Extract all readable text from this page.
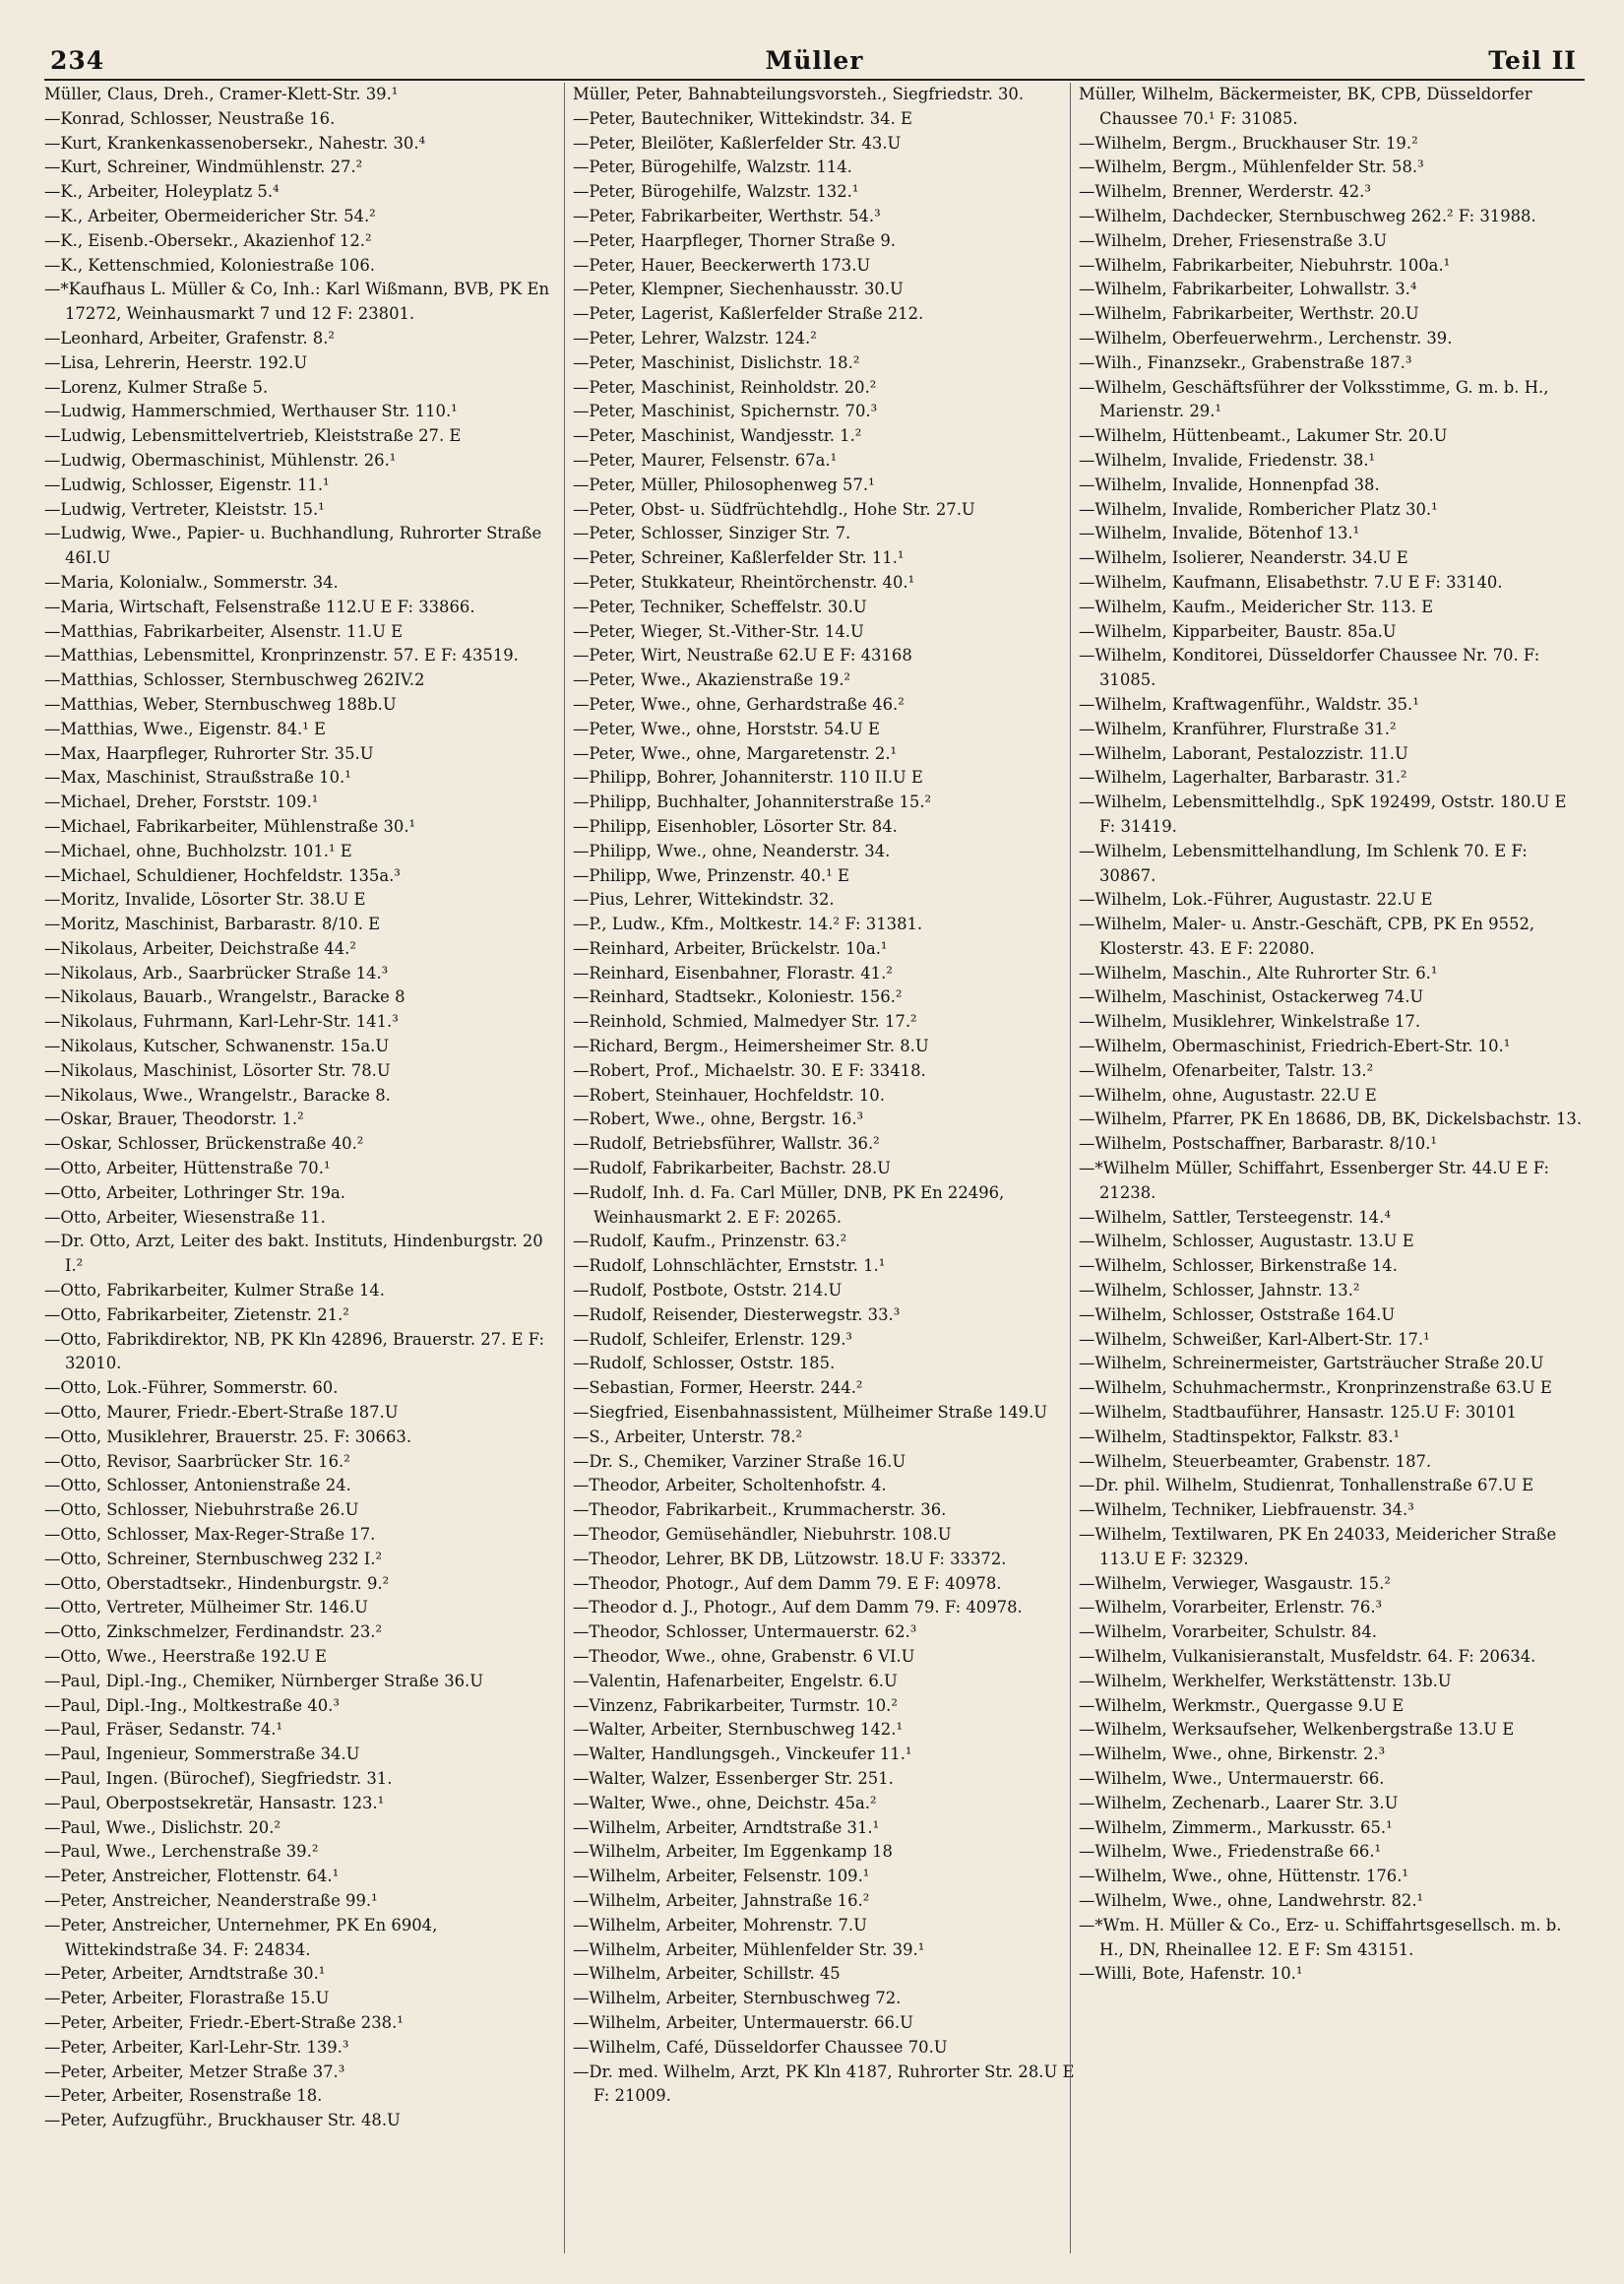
234	Müller	Teil II
Müller, Claus, Dreh., Cramer-Klett-Str. 39.¹
—Konrad, Schlosser, Neustraße 16.
—Kurt, Krankenkassenobersekr., Nahestr. 30.⁴
—Kurt, Schreiner, Windmühlenstr. 27.²
—K., Arbeiter, Holeyplatz 5.⁴
—K., Arbeiter, Obermeidericher Str. 54.²
—K., Eisenb.-Obersekr., Akazienhof 12.²
—K., Kettenschmied, Koloniestraße 106.
—*Kaufhaus L. Müller & Co, Inh.: Karl Wißmann, BVB, PK En 17272, Weinhausmarkt 7 und 12 F: 23801.
—Leonhard, Arbeiter, Grafenstr. 8.²
—Lisa, Lehrerin, Heerstr. 192.U
—Lorenz, Kulmer Straße 5.
—Ludwig, Hammerschmied, Werthauser Str. 110.¹
—Ludwig, Lebensmittelvertrieb, Kleiststraße 27. E
—Ludwig, Obermaschinist, Mühlenstr. 26.¹
—Ludwig, Schlosser, Eigenstr. 11.¹
—Ludwig, Vertreter, Kleiststr. 15.¹
—Ludwig, Wwe., Papier- u. Buchhandlung, Ruhrorter Straße 46I.U
—Maria, Kolonialw., Sommerstr. 34.
—Maria, Wirtschaft, Felsenstraße 112.U E F: 33866.
—Matthias, Fabrikarbeiter, Alsenstr. 11.U E
—Matthias, Lebensmittel, Kronprinzenstr. 57. E F: 43519.
—Matthias, Schlosser, Sternbuschweg 262IV.2
—Matthias, Weber, Sternbuschweg 188b.U
—Matthias, Wwe., Eigenstr. 84.¹ E
—Max, Haarpfleger, Ruhrorter Str. 35.U
—Max, Maschinist, Straußstraße 10.¹
—Michael, Dreher, Forststr. 109.¹
—Michael, Fabrikarbeiter, Mühlenstraße 30.¹
—Michael, ohne, Buchholzstr. 101.¹ E
—Michael, Schuldiener, Hochfeldstr. 135a.³
—Moritz, Invalide, Lösorter Str. 38.U E
—Moritz, Maschinist, Barbarastr. 8/10. E
—Nikolaus, Arbeiter, Deichstraße 44.²
—Nikolaus, Arb., Saarbrücker Straße 14.³
—Nikolaus, Bauarb., Wrangelstr., Baracke 8
—Nikolaus, Fuhrmann, Karl-Lehr-Str. 141.³
—Nikolaus, Kutscher, Schwanenstr. 15a.U
—Nikolaus, Maschinist, Lösorter Str. 78.U
—Nikolaus, Wwe., Wrangelstr., Baracke 8.
—Oskar, Brauer, Theodorstr. 1.²
—Oskar, Schlosser, Brückenstraße 40.²
—Otto, Arbeiter, Hüttenstraße 70.¹
—Otto, Arbeiter, Lothringer Str. 19a.
—Otto, Arbeiter, Wiesenstraße 11.
—Dr. Otto, Arzt, Leiter des bakt. Instituts, Hindenburgstr. 20 I.²
—Otto, Fabrikarbeiter, Kulmer Straße 14.
—Otto, Fabrikarbeiter, Zietenstr. 21.²
—Otto, Fabrikdirektor, NB, PK Kln 42896, Brauerstr. 27. E F: 32010.
—Otto, Lok.-Führer, Sommerstr. 60.
—Otto, Maurer, Friedr.-Ebert-Straße 187.U
—Otto, Musiklehrer, Brauerstr. 25. F: 30663.
—Otto, Revisor, Saarbrücker Str. 16.²
—Otto, Schlosser, Antonienstraße 24.
—Otto, Schlosser, Niebuhrstraße 26.U
—Otto, Schlosser, Max-Reger-Straße 17.
—Otto, Schreiner, Sternbuschweg 232 I.²
—Otto, Oberstadtsekr., Hindenburgstr. 9.²
—Otto, Vertreter, Mülheimer Str. 146.U
—Otto, Zinkschmelzer, Ferdinandstr. 23.²
—Otto, Wwe., Heerstraße 192.U E
—Paul, Dipl.-Ing., Chemiker, Nürnberger Straße 36.U
—Paul, Dipl.-Ing., Moltkestraße 40.³
—Paul, Fräser, Sedanstr. 74.¹
—Paul, Ingenieur, Sommerstraße 34.U
—Paul, Ingen. (Bürochef), Siegfriedstr. 31.
—Paul, Oberpostsekretär, Hansastr. 123.¹
—Paul, Wwe., Dislichstr. 20.²
—Paul, Wwe., Lerchenstraße 39.²
—Peter, Anstreicher, Flottenstr. 64.¹
—Peter, Anstreicher, Neanderstraße 99.¹
—Peter, Anstreicher, Unternehmer, PK En 6904, Wittekindstraße 34. F: 24834.
—Peter, Arbeiter, Arndtstraße 30.¹
—Peter, Arbeiter, Florastraße 15.U
—Peter, Arbeiter, Friedr.-Ebert-Straße 238.¹
—Peter, Arbeiter, Karl-Lehr-Str. 139.³
—Peter, Arbeiter, Metzer Straße 37.³
—Peter, Arbeiter, Rosenstraße 18.
—Peter, Aufzugführ., Bruckhauser Str. 48.U
Müller, Peter, Bahnabteilungsvorsteh., Siegfriedstr. 30.
—Peter, Bautechniker, Wittekindstr. 34. E
—Peter, Bleilöter, Kaßlerfelder Str. 43.U
—Peter, Bürogehilfe, Walzstr. 114.
—Peter, Bürogehilfe, Walzstr. 132.¹
—Peter, Fabrikarbeiter, Werthstr. 54.³
—Peter, Haarpfleger, Thorner Straße 9.
—Peter, Hauer, Beeckerwerth 173.U
—Peter, Klempner, Siechenhausstr. 30.U
—Peter, Lagerist, Kaßlerfelder Straße 212.
—Peter, Lehrer, Walzstr. 124.²
—Peter, Maschinist, Dislichstr. 18.²
—Peter, Maschinist, Reinholdstr. 20.²
—Peter, Maschinist, Spichernstr. 70.³
—Peter, Maschinist, Wandjesstr. 1.²
—Peter, Maurer, Felsenstr. 67a.¹
—Peter, Müller, Philosophenweg 57.¹
—Peter, Obst- u. Südfrüchtehdlg., Hohe Str. 27.U
—Peter, Schlosser, Sinziger Str. 7.
—Peter, Schreiner, Kaßlerfelder Str. 11.¹
—Peter, Stukkateur, Rheintörchenstr. 40.¹
—Peter, Techniker, Scheffelstr. 30.U
—Peter, Wieger, St.-Vither-Str. 14.U
—Peter, Wirt, Neustraße 62.U E F: 43168
—Peter, Wwe., Akazienstraße 19.²
—Peter, Wwe., ohne, Gerhardstraße 46.²
—Peter, Wwe., ohne, Horststr. 54.U E
—Peter, Wwe., ohne, Margaretenstr. 2.¹
—Philipp, Bohrer, Johanniterstr. 110 II.U E
—Philipp, Buchhalter, Johanniterstraße 15.²
—Philipp, Eisenhobler, Lösorter Str. 84.
—Philipp, Wwe., ohne, Neanderstr. 34.
—Philipp, Wwe, Prinzenstr. 40.¹ E
—Pius, Lehrer, Wittekindstr. 32.
—P., Ludw., Kfm., Moltkestr. 14.² F: 31381.
—Reinhard, Arbeiter, Brückelstr. 10a.¹
—Reinhard, Eisenbahner, Florastr. 41.²
—Reinhard, Stadtsekr., Koloniestr. 156.²
—Reinhold, Schmied, Malmedyer Str. 17.²
—Richard, Bergm., Heimersheimer Str. 8.U
—Robert, Prof., Michaelstr. 30. E F: 33418.
—Robert, Steinhauer, Hochfeldstr. 10.
—Robert, Wwe., ohne, Bergstr. 16.³
—Rudolf, Betriebsführer, Wallstr. 36.²
—Rudolf, Fabrikarbeiter, Bachstr. 28.U
—Rudolf, Inh. d. Fa. Carl Müller, DNB, PK En 22496, Weinhausmarkt 2. E F: 20265.
—Rudolf, Kaufm., Prinzenstr. 63.²
—Rudolf, Lohnschlächter, Ernststr. 1.¹
—Rudolf, Postbote, Oststr. 214.U
—Rudolf, Reisender, Diesterwegstr. 33.³
—Rudolf, Schleifer, Erlenstr. 129.³
—Rudolf, Schlosser, Oststr. 185.
—Sebastian, Former, Heerstr. 244.²
—Siegfried, Eisenbahnassistent, Mülheimer Straße 149.U
—S., Arbeiter, Unterstr. 78.²
—Dr. S., Chemiker, Varziner Straße 16.U
—Theodor, Arbeiter, Scholtenhofstr. 4.
—Theodor, Fabrikarbeit., Krummacherstr. 36.
—Theodor, Gemüsehändler, Niebuhrstr. 108.U
—Theodor, Lehrer, BK DB, Lützowstr. 18.U F: 33372.
—Theodor, Photogr., Auf dem Damm 79. E F: 40978.
—Theodor d. J., Photogr., Auf dem Damm 79. F: 40978.
—Theodor, Schlosser, Untermauerstr. 62.³
—Theodor, Wwe., ohne, Grabenstr. 6 VI.U
—Valentin, Hafenarbeiter, Engelstr. 6.U
—Vinzenz, Fabrikarbeiter, Turmstr. 10.²
—Walter, Arbeiter, Sternbuschweg 142.¹
—Walter, Handlungsgeh., Vinckeufer 11.¹
—Walter, Walzer, Essenberger Str. 251.
—Walter, Wwe., ohne, Deichstr. 45a.²
—Wilhelm, Arbeiter, Arndtstraße 31.¹
—Wilhelm, Arbeiter, Im Eggenkamp 18
—Wilhelm, Arbeiter, Felsenstr. 109.¹
—Wilhelm, Arbeiter, Jahnstraße 16.²
—Wilhelm, Arbeiter, Mohrenstr. 7.U
—Wilhelm, Arbeiter, Mühlenfelder Str. 39.¹
—Wilhelm, Arbeiter, Schillstr. 45
—Wilhelm, Arbeiter, Sternbuschweg 72.
—Wilhelm, Arbeiter, Untermauerstr. 66.U
—Wilhelm, Café, Düsseldorfer Chaussee 70.U
—Dr. med. Wilhelm, Arzt, PK Kln 4187, Ruhrorter Str. 28.U E F: 21009.
Müller, Wilhelm, Bäckermeister, BK, CPB, Düsseldorfer Chaussee 70.¹ F: 31085.
—Wilhelm, Bergm., Bruckhauser Str. 19.²
—Wilhelm, Bergm., Mühlenfelder Str. 58.³
—Wilhelm, Brenner, Werderstr. 42.³
—Wilhelm, Dachdecker, Sternbuschweg 262.² F: 31988.
—Wilhelm, Dreher, Friesenstraße 3.U
—Wilhelm, Fabrikarbeiter, Niebuhrstr. 100a.¹
—Wilhelm, Fabrikarbeiter, Lohwallstr. 3.⁴
—Wilhelm, Fabrikarbeiter, Werthstr. 20.U
—Wilhelm, Oberfeuerwehrm., Lerchenstr. 39.
—Wilh., Finanzsekr., Grabenstraße 187.³
—Wilhelm, Geschäftsführer der Volksstimme, G. m. b. H., Marienstr. 29.¹
—Wilhelm, Hüttenbeamt., Lakumer Str. 20.U
—Wilhelm, Invalide, Friedenstr. 38.¹
—Wilhelm, Invalide, Honnenpfad 38.
—Wilhelm, Invalide, Rombericher Platz 30.¹
—Wilhelm, Invalide, Bötenhof 13.¹
—Wilhelm, Isolierer, Neanderstr. 34.U E
—Wilhelm, Kaufmann, Elisabethstr. 7.U E F: 33140.
—Wilhelm, Kaufm., Meidericher Str. 113. E
—Wilhelm, Kipparbeiter, Baustr. 85a.U
—Wilhelm, Konditorei, Düsseldorfer Chaussee Nr. 70. F: 31085.
—Wilhelm, Kraftwagenführ., Waldstr. 35.¹
—Wilhelm, Kranführer, Flurstraße 31.²
—Wilhelm, Laborant, Pestalozzistr. 11.U
—Wilhelm, Lagerhalter, Barbarastr. 31.²
—Wilhelm, Lebensmittelhdlg., SpK 192499, Oststr. 180.U E F: 31419.
—Wilhelm, Lebensmittelhandlung, Im Schlenk 70. E F: 30867.
—Wilhelm, Lok.-Führer, Augustastr. 22.U E
—Wilhelm, Maler- u. Anstr.-Geschäft, CPB, PK En 9552, Klosterstr. 43. E F: 22080.
—Wilhelm, Maschin., Alte Ruhrorter Str. 6.¹
—Wilhelm, Maschinist, Ostackerweg 74.U
—Wilhelm, Musiklehrer, Winkelstraße 17.
—Wilhelm, Obermaschinist, Friedrich-Ebert-Str. 10.¹
—Wilhelm, Ofenarbeiter, Talstr. 13.²
—Wilhelm, ohne, Augustastr. 22.U E
—Wilhelm, Pfarrer, PK En 18686, DB, BK, Dickelsbachstr. 13.
—Wilhelm, Postschaffner, Barbarastr. 8/10.¹
—*Wilhelm Müller, Schiffahrt, Essenberger Str. 44.U E F: 21238.
—Wilhelm, Sattler, Tersteegenstr. 14.⁴
—Wilhelm, Schlosser, Augustastr. 13.U E
—Wilhelm, Schlosser, Birkenstraße 14.
—Wilhelm, Schlosser, Jahnstr. 13.²
—Wilhelm, Schlosser, Oststraße 164.U
—Wilhelm, Schweißer, Karl-Albert-Str. 17.¹
—Wilhelm, Schreinermeister, Gartsträucher Straße 20.U
—Wilhelm, Schuhmachermstr., Kronprinzenstraße 63.U E
—Wilhelm, Stadtbauführer, Hansastr. 125.U F: 30101
—Wilhelm, Stadtinspektor, Falkstr. 83.¹
—Wilhelm, Steuerbeamter, Grabenstr. 187.
—Dr. phil. Wilhelm, Studienrat, Tonhallenstraße 67.U E
—Wilhelm, Techniker, Liebfrauenstr. 34.³
—Wilhelm, Textilwaren, PK En 24033, Meidericher Straße 113.U E F: 32329.
—Wilhelm, Verwieger, Wasgaustr. 15.²
—Wilhelm, Vorarbeiter, Erlenstr. 76.³
—Wilhelm, Vorarbeiter, Schulstr. 84.
—Wilhelm, Vulkanisieranstalt, Musfeldstr. 64. F: 20634.
—Wilhelm, Werkhelfer, Werkstättenstr. 13b.U
—Wilhelm, Werkmstr., Quergasse 9.U E
—Wilhelm, Werksaufseher, Welkenbergstraße 13.U E
—Wilhelm, Wwe., ohne, Birkenstr. 2.³
—Wilhelm, Wwe., Untermauerstr. 66.
—Wilhelm, Zechenarb., Laarer Str. 3.U
—Wilhelm, Zimmerm., Markusstr. 65.¹
—Wilhelm, Wwe., Friedenstraße 66.¹
—Wilhelm, Wwe., ohne, Hüttenstr. 176.¹
—Wilhelm, Wwe., ohne, Landwehrstr. 82.¹
—*Wm. H. Müller & Co., Erz- u. Schiffahrtsgesellsch. m. b. H., DN, Rheinallee 12. E F: Sm 43151.
—Willi, Bote, Hafenstr. 10.¹
